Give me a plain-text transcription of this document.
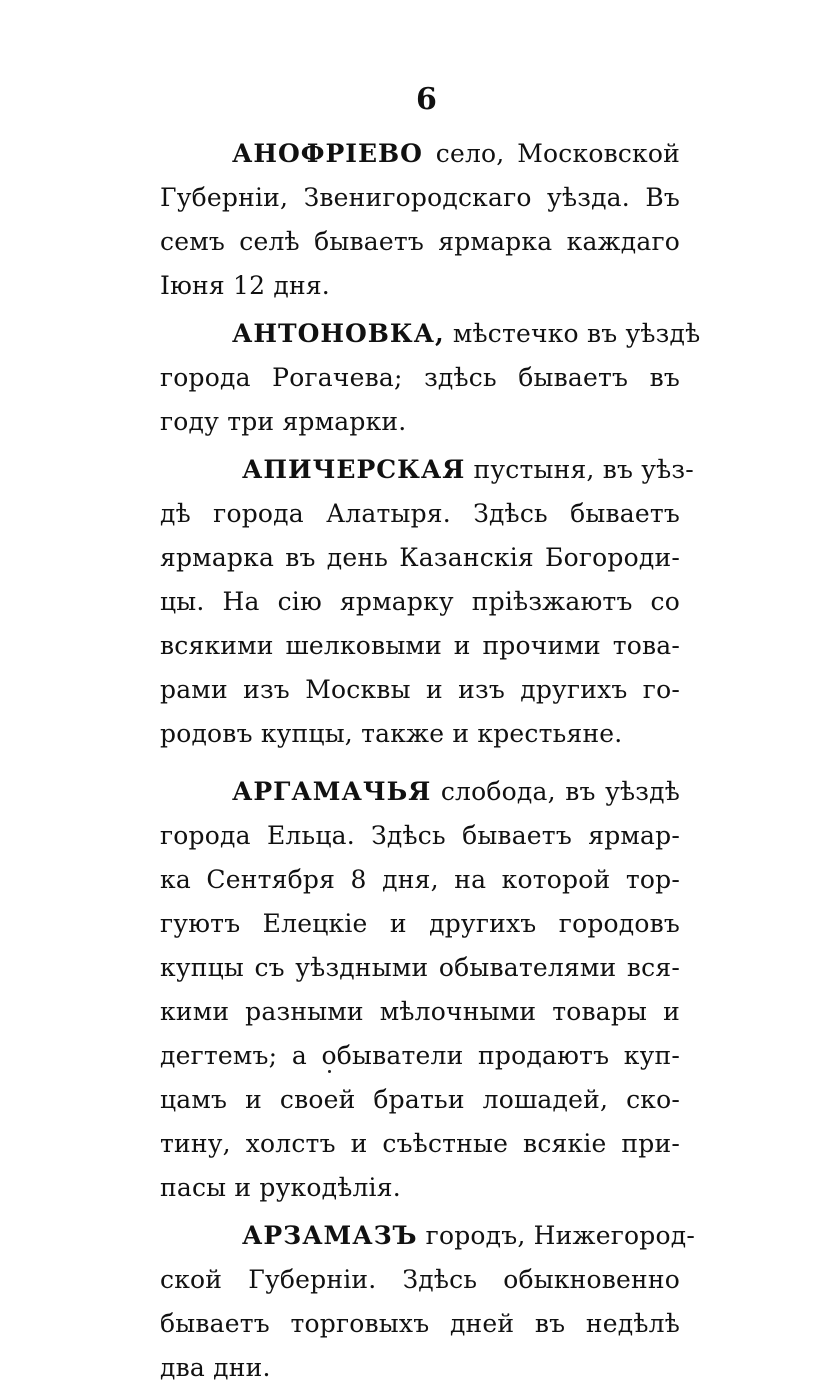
6

АНОФРІЕВО село, Московской
Губерніи, Звенигородскаго уѣзда. Въ
семъ селѣ бываетъ ярмарка каждаго
Іюня 12 дня.

АНТОНОВКА, мѣстечко въ уѣздѣ
города Рогачева; здѣсь бываетъ въ
году три ярмарки.

АПИЧЕРСКАЯ пустыня, въ уѣз-
дѣ города Алатыря. Здѣсь бываетъ
ярмарка въ день Казанскія Богороди-
цы. На сію ярмарку пріѣзжаютъ со
всякими шелковыми и прочими това-
рами изъ Москвы и изъ другихъ го-
родовъ купцы, также и крестьяне.

АРГАМАЧЬЯ слобода, въ уѣздѣ
города Ельца. Здѣсь бываетъ ярмар-
ка Сентября 8 дня, на которой тор-
гуютъ Елецкіе и другихъ городовъ
купцы съ уѣздными обывателями вся-
кими разными мѣлочными товары и
дегтемъ; а обыватели продаютъ куп-
цамъ и своей братьи лошадей, ско-
тину, холстъ и съѣстные всякіе при-
пасы и рукодѣлія.

АРЗАМАЗЪ городъ, Нижегород-
ской Губерніи. Здѣсь обыкновенно
бываетъ торговыхъ дней въ недѣлѣ
два дни.
